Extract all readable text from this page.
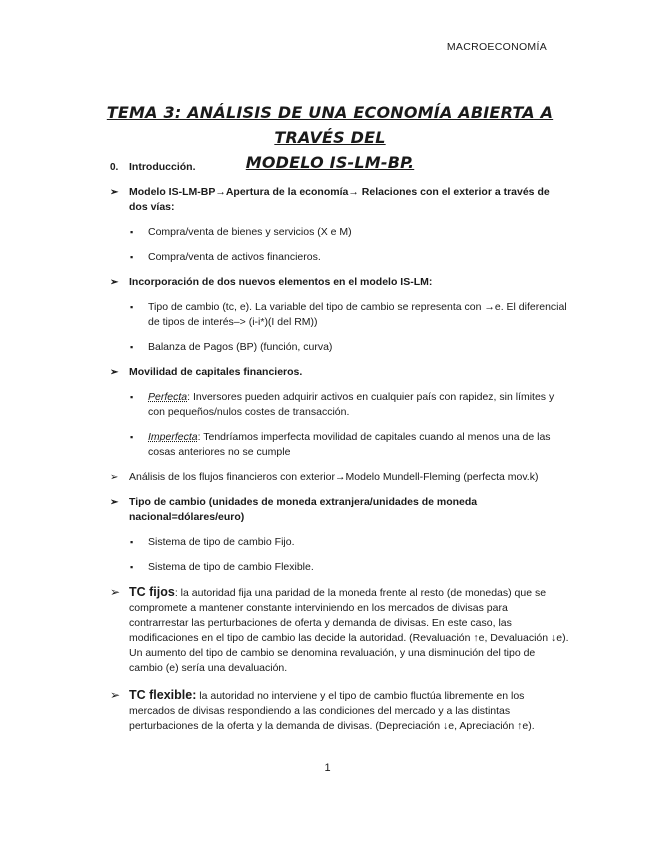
MACROECONOMÍA
TEMA 3: ANÁLISIS DE UNA ECONOMÍA ABIERTA A TRAVÉS DEL
MODELO IS-LM-BP.
0. Introducción.
➢ Modelo IS-LM-BP→Apertura de la economía→ Relaciones con el exterior a través de dos vías:
▪ Compra/venta de bienes y servicios (X e M)
▪ Compra/venta de activos financieros.
➢ Incorporación de dos nuevos elementos en el modelo IS-LM:
▪ Tipo de cambio (tc, e). La variable del tipo de cambio se representa con →e. El diferencial de tipos de interés–> (i-i*)(I del RM))
▪ Balanza de Pagos (BP) (función, curva)
➢ Movilidad de capitales financieros.
▪ Perfecta: Inversores pueden adquirir activos en cualquier país con rapidez, sin límites y con pequeños/nulos costes de transacción.
▪ Imperfecta: Tendríamos imperfecta movilidad de capitales cuando al menos una de las cosas anteriores no se cumple
➢ Análisis de los flujos financieros con exterior→Modelo Mundell-Fleming (perfecta mov.k)
➢ Tipo de cambio (unidades de moneda extranjera/unidades de moneda nacional=dólares/euro)
▪ Sistema de tipo de cambio Fijo.
▪ Sistema de tipo de cambio Flexible.
➢ TC fijos: la autoridad fija una paridad de la moneda frente al resto (de monedas) que se compromete a mantener constante interviniendo en los mercados de divisas para contrarrestar las perturbaciones de oferta y demanda de divisas. En este caso, las modificaciones en el tipo de cambio las decide la autoridad. (Revaluación ↑e, Devaluación ↓e). Un aumento del tipo de cambio se denomina revaluación, y una disminución del tipo de cambio (e) sería una devaluación.
➢ TC flexible: la autoridad no interviene y el tipo de cambio fluctúa libremente en los mercados de divisas respondiendo a las condiciones del mercado y a las distintas perturbaciones de la oferta y la demanda de divisas. (Depreciación ↓e, Apreciación ↑e).
1
